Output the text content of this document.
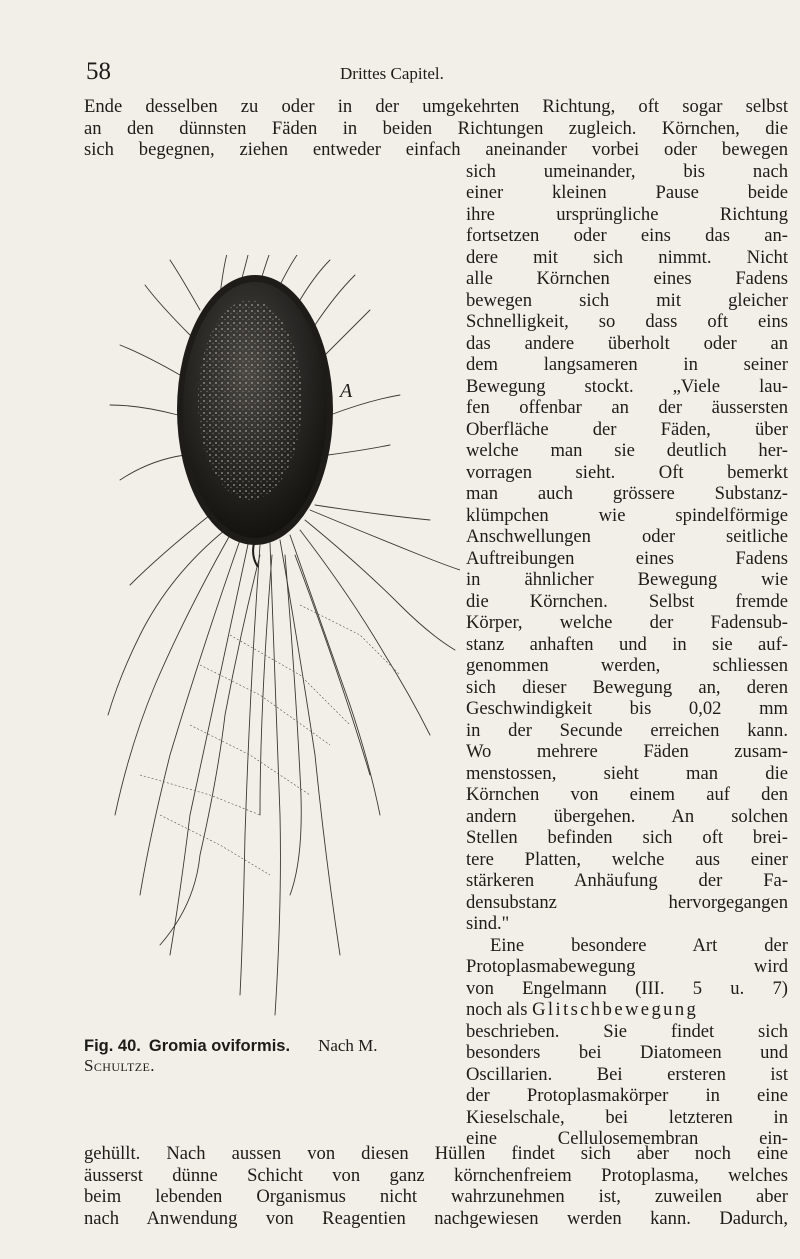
58	Drittes Capitel.
Ende desselben zu oder in der umgekehrten Richtung, oft sogar selbst
an den dünnsten Fäden in beiden Richtungen zugleich. Körnchen, die
sich begegnen, ziehen entweder einfach aneinander vorbei oder bewegen
sich umeinander, bis nach
einer kleinen Pause beide
ihre ursprüngliche Richtung
fortsetzen oder eins das an-
dere mit sich nimmt. Nicht
alle Körnchen eines Fadens
bewegen sich mit gleicher
Schnelligkeit, so dass oft eins
das andere überholt oder an
dem langsameren in seiner
Bewegung stockt. „Viele lau-
fen offenbar an der äussersten
Oberfläche der Fäden, über
welche man sie deutlich her-
vorragen sieht. Oft bemerkt
man auch grössere Substanz-
klümpchen wie spindelförmige
Anschwellungen oder seitliche
Auftreibungen eines Fadens
in ähnlicher Bewegung wie
die Körnchen. Selbst fremde
Körper, welche der Fadensub-
stanz anhaften und in sie auf-
genommen werden, schliessen
sich dieser Bewegung an, deren
Geschwindigkeit bis 0,02 mm
in der Secunde erreichen kann.
Wo mehrere Fäden zusam-
menstossen, sieht man die
Körnchen von einem auf den
andern übergehen. An solchen
Stellen befinden sich oft brei-
tere Platten, welche aus einer
stärkeren Anhäufung der Fa-
densubstanz hervorgegangen
sind."
Eine besondere Art der
Protoplasmabewegung wird
von Engelmann (III. 5 u. 7)
noch als Glitschbewegung
beschrieben. Sie findet sich
besonders bei Diatomeen und
Oscillarien. Bei ersteren ist
der Protoplasmakörper in eine
Kieselschale, bei letzteren in
eine Cellulosemembran ein-
A
Fig. 40. Gromia oviformis. Nach M.
Schultze.
gehüllt. Nach aussen von diesen Hüllen findet sich aber noch eine
äusserst dünne Schicht von ganz körnchenfreiem Protoplasma, welches
beim lebenden Organismus nicht wahrzunehmen ist, zuweilen aber
nach Anwendung von Reagentien nachgewiesen werden kann. Dadurch,
